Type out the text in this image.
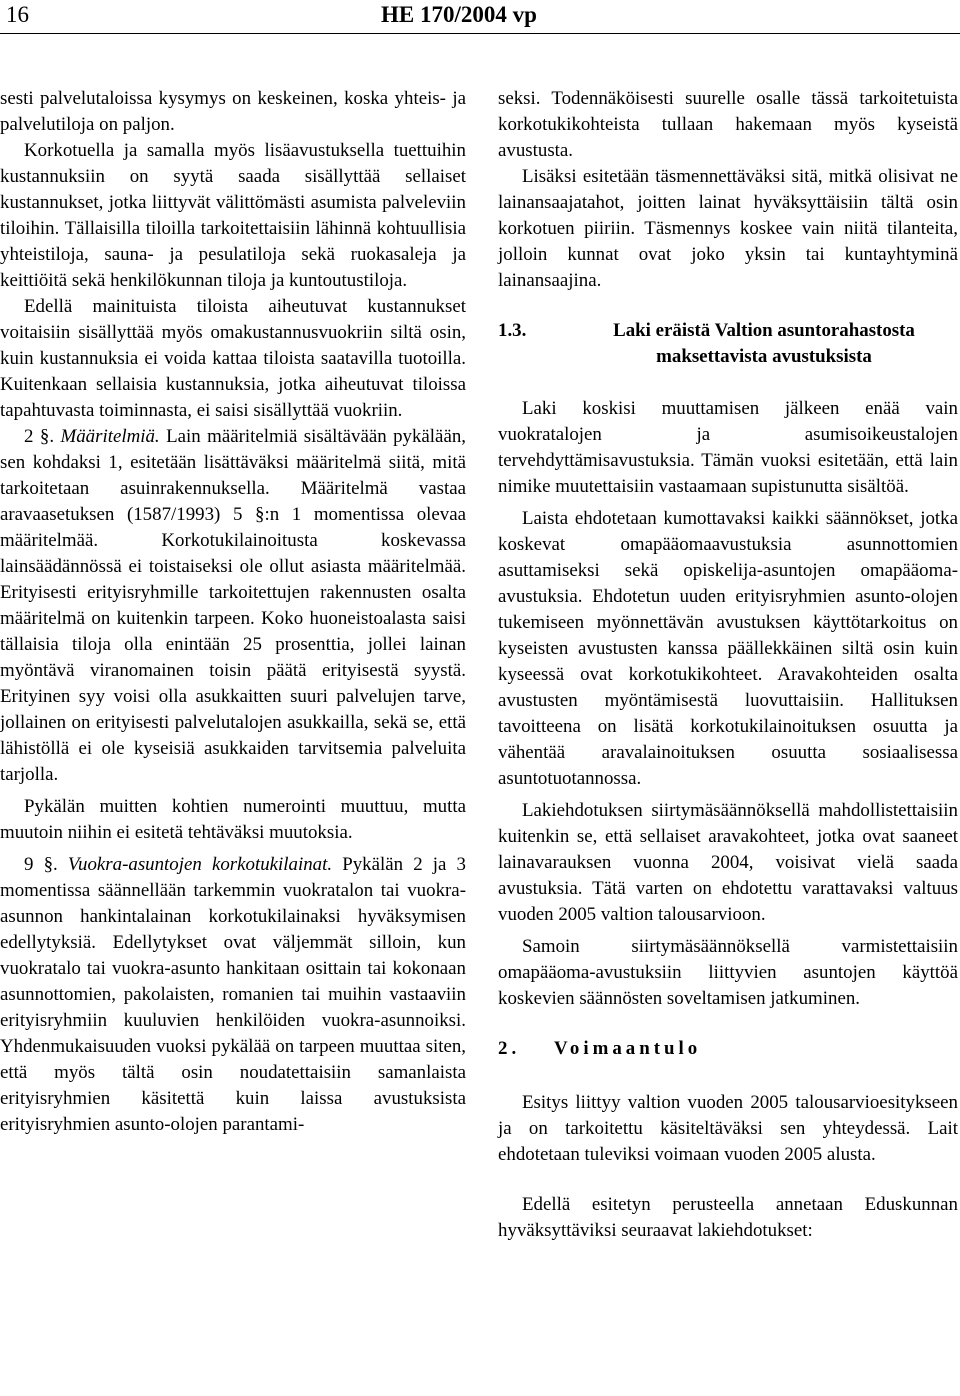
16	HE 170/2004 vp

sesti palvelutaloissa kysymys on keskeinen, koska yhteis- ja palvelutiloja on paljon.

Korkotuella ja samalla myös lisäavustuksella tuettuihin kustannuksiin on syytä saada sisällyttää sellaiset kustannukset, jotka liittyvät välittömästi asumista palveleviin tiloihin. Tällaisilla tiloilla tarkoitettaisiin lähinnä kohtuullisia yhteistiloja, sauna- ja pesulatiloja sekä ruokasaleja ja keittiöitä sekä henkilökunnan tiloja ja kuntoutustiloja.

Edellä mainituista tiloista aiheutuvat kustannukset voitaisiin sisällyttää myös omakustannusvuokriin siltä osin, kuin kustannuksia ei voida kattaa tiloista saatavilla tuotoilla. Kuitenkaan sellaisia kustannuksia, jotka aiheutuvat tiloissa tapahtuvasta toiminnasta, ei saisi sisällyttää vuokriin.

2 §. Määritelmiä. Lain määritelmiä sisältävään pykälään, sen kohdaksi 1, esitetään lisättäväksi määritelmä siitä, mitä tarkoitetaan asuinrakennuksella. Määritelmä vastaa aravaasetuksen (1587/1993) 5 §:n 1 momentissa olevaa määritelmää. Korkotukilainoitusta koskevassa lainsäädännössä ei toistaiseksi ole ollut asiasta määritelmää. Erityisesti erityisryhmille tarkoitettujen rakennusten osalta määritelmä on kuitenkin tarpeen. Koko huoneistoalasta saisi tällaisia tiloja olla enintään 25 prosenttia, jollei lainan myöntävä viranomainen toisin päätä erityisestä syystä. Erityinen syy voisi olla asukkaitten suuri palvelujen tarve, jollainen on erityisesti palvelutalojen asukkailla, sekä se, että lähistöllä ei ole kyseisiä asukkaiden tarvitsemia palveluita tarjolla.

Pykälän muitten kohtien numerointi muuttuu, mutta muutoin niihin ei esitetä tehtäväksi muutoksia.

9 §. Vuokra-asuntojen korkotukilainat. Pykälän 2 ja 3 momentissa säännellään tarkemmin vuokratalon tai vuokra-asunnon hankintalainan korkotukilainaksi hyväksymisen edellytyksiä. Edellytykset ovat väljemmät silloin, kun vuokratalo tai vuokra-asunto hankitaan osittain tai kokonaan asunnottomien, pakolaisten, romanien tai muihin vastaaviin erityisryhmiin kuuluvien henkilöiden vuokra-asunnoiksi. Yhdenmukaisuuden vuoksi pykälää on tarpeen muuttaa siten, että myös tältä osin noudatettaisiin samanlaista erityisryhmien käsitettä kuin laissa avustuksista erityisryhmien asunto-olojen parantami-

seksi. Todennäköisesti suurelle osalle tässä tarkoitetuista korkotukikohteista tullaan hakemaan myös kyseistä avustusta.

Lisäksi esitetään täsmennettäväksi sitä, mitkä olisivat ne lainansaajatahot, joitten lainat hyväksyttäisiin tältä osin korkotuen piiriin. Täsmennys koskee vain niitä tilanteita, jolloin kunnat ovat joko yksin tai kuntayhtyminä lainansaajina.

1.3.	Laki eräistä Valtion asuntorahastosta maksettavista avustuksista

Laki koskisi muuttamisen jälkeen enää vain vuokratalojen ja asumisoikeustalojen tervehdyttämisavustuksia. Tämän vuoksi esitetään, että lain nimike muutettaisiin vastaamaan supistunutta sisältöä.

Laista ehdotetaan kumottavaksi kaikki säännökset, jotka koskevat omapääomaavustuksia asunnottomien asuttamiseksi sekä opiskelija-asuntojen omapääoma-avustuksia. Ehdotetun uuden erityisryhmien asunto-olojen tukemiseen myönnettävän avustuksen käyttötarkoitus on kyseisten avustusten kanssa päällekkäinen siltä osin kuin kyseessä ovat korkotukikohteet. Aravakohteiden osalta avustusten myöntämisestä luovuttaisiin. Hallituksen tavoitteena on lisätä korkotukilainoituksen osuutta ja vähentää aravalainoituksen osuutta sosiaalisessa asuntotuotannossa.

Lakiehdotuksen siirtymäsäännöksellä mahdollistettaisiin kuitenkin se, että sellaiset aravakohteet, jotka ovat saaneet lainavarauksen vuonna 2004, voisivat vielä saada avustuksia. Tätä varten on ehdotettu varattavaksi valtuus vuoden 2005 valtion talousarvioon.

Samoin siirtymäsäännöksellä varmistettaisiin omapääoma-avustuksiin liittyvien asuntojen käyttöä koskevien säännösten soveltamisen jatkuminen.

2. Voimaantulo

Esitys liittyy valtion vuoden 2005 talousarvioesitykseen ja on tarkoitettu käsiteltäväksi sen yhteydessä. Lait ehdotetaan tuleviksi voimaan vuoden 2005 alusta.

Edellä esitetyn perusteella annetaan Eduskunnan hyväksyttäviksi seuraavat lakiehdotukset:
